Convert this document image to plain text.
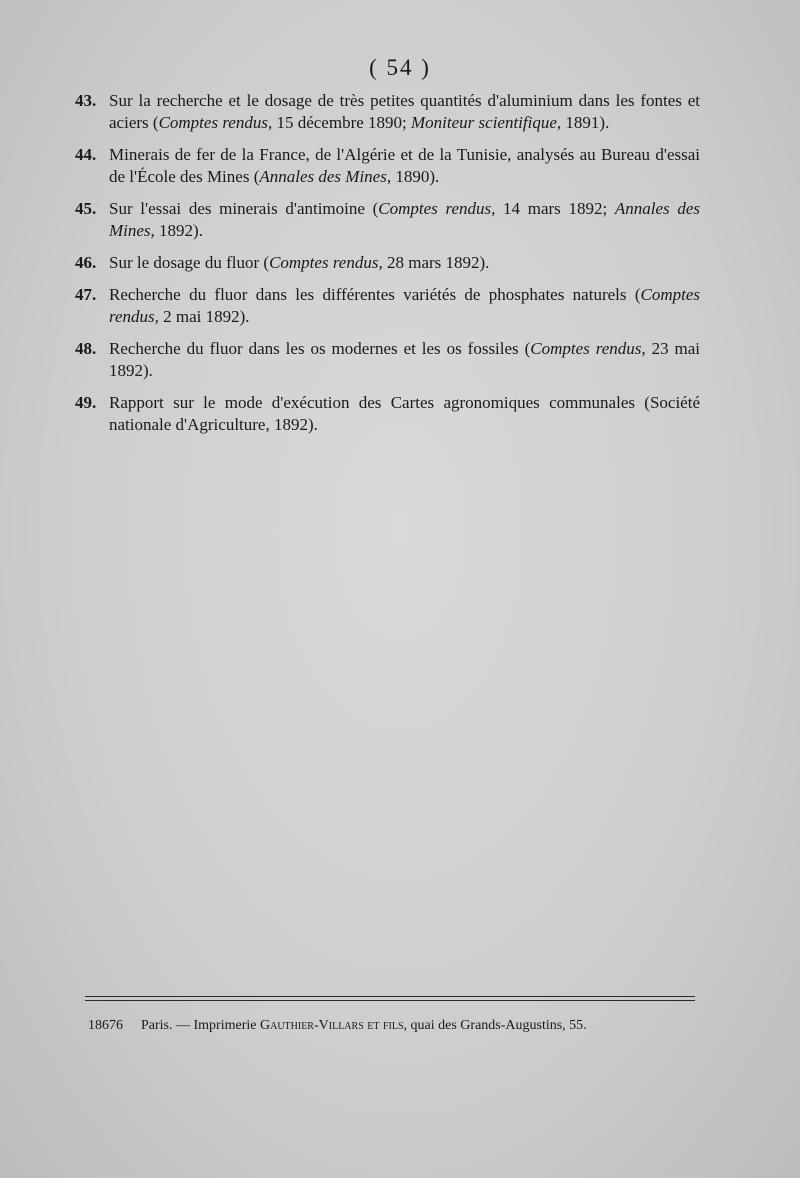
( 54 )
43. Sur la recherche et le dosage de très petites quantités d'aluminium dans les fontes et aciers (Comptes rendus, 15 décembre 1890; Moniteur scientifique, 1891).
44. Minerais de fer de la France, de l'Algérie et de la Tunisie, analysés au Bureau d'essai de l'École des Mines (Annales des Mines, 1890).
45. Sur l'essai des minerais d'antimoine (Comptes rendus, 14 mars 1892; Annales des Mines, 1892).
46. Sur le dosage du fluor (Comptes rendus, 28 mars 1892).
47. Recherche du fluor dans les différentes variétés de phosphates naturels (Comptes rendus, 2 mai 1892).
48. Recherche du fluor dans les os modernes et les os fossiles (Comptes rendus, 23 mai 1892).
49. Rapport sur le mode d'exécution des Cartes agronomiques communales (Société nationale d'Agriculture, 1892).
18676 Paris. — Imprimerie Gauthier-Villars et fils, quai des Grands-Augustins, 55.
